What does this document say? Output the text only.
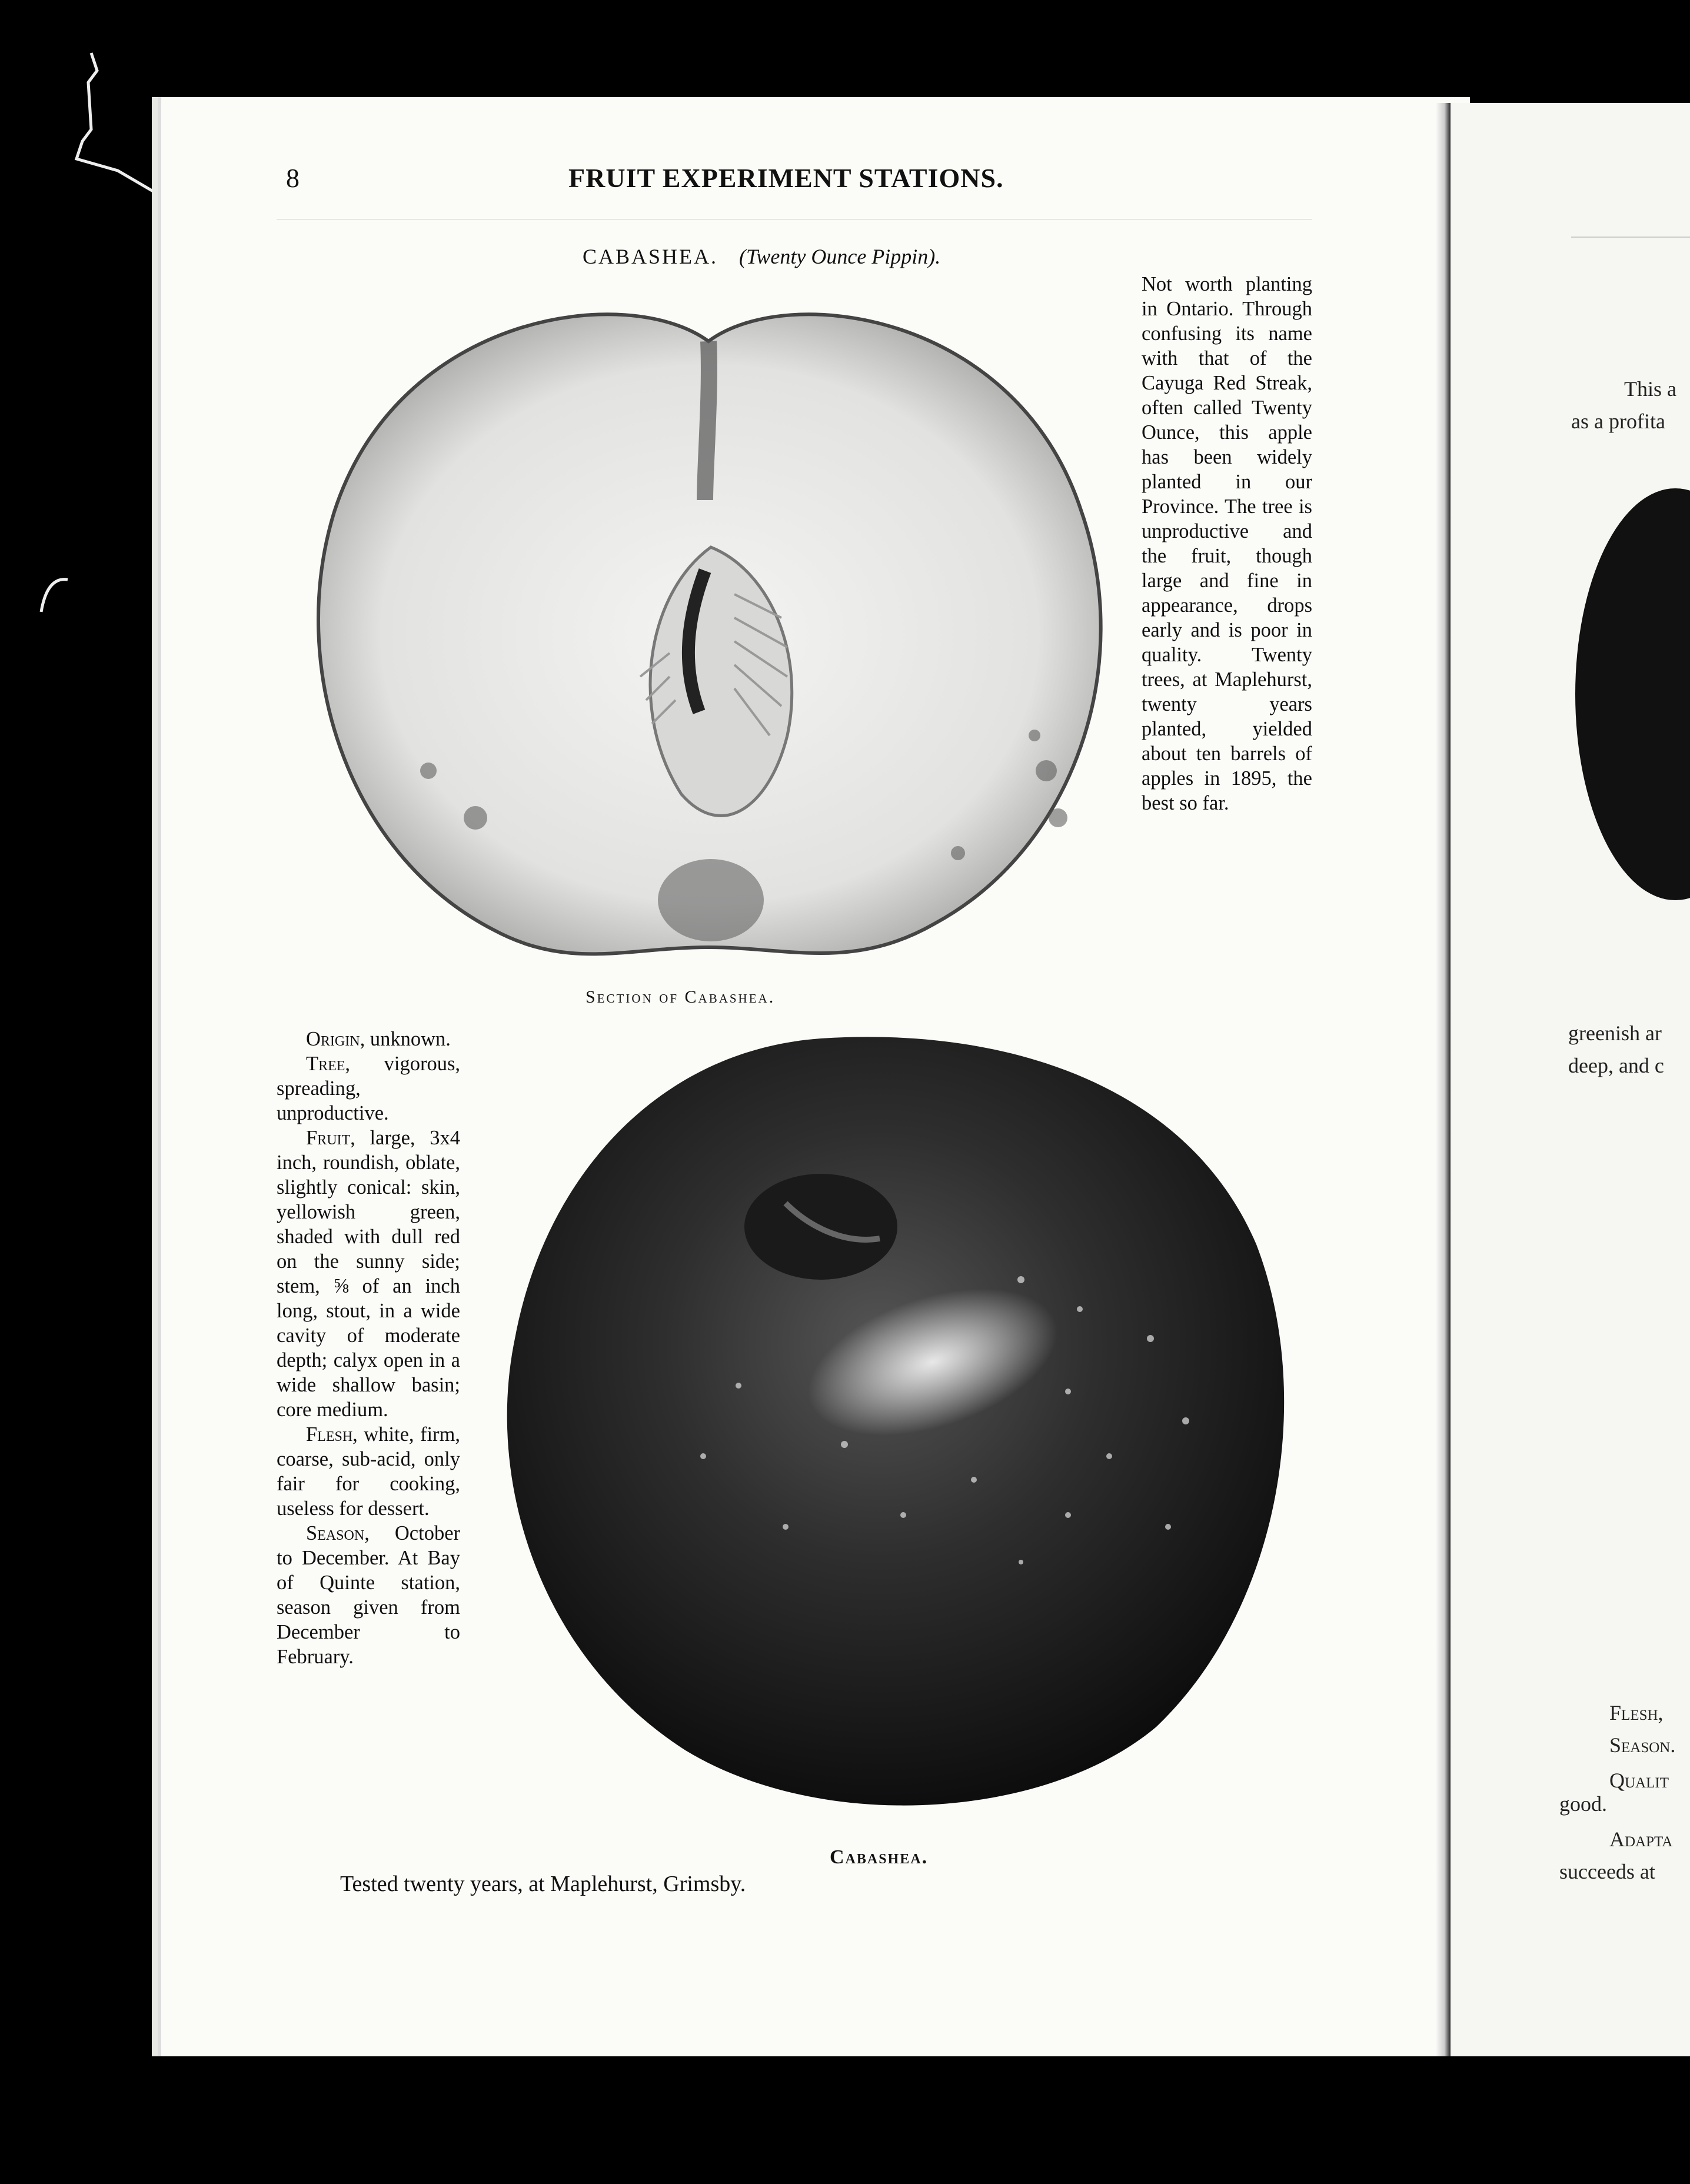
8	FRUIT EXPERIMENT STATIONS.
CABASHEA. (Twenty Ounce Pippin).
Section of Cabashea.
Not worth planting in Ontario. Through confusing its name with that of the Cayuga Red Streak, often called Twenty Ounce, this apple has been widely planted in our Province. The tree is unproductive and the fruit, though large and fine in appearance, drops early and is poor in quality. Twenty trees, at Maplehurst, twenty years planted, yielded about ten barrels of apples in 1895, the best so far.
Cabashea.

Origin, unknown.

Tree, vigorous, spreading, unproductive.

Fruit, large, 3x4 inch, roundish, oblate, slightly conical: skin, yellowish green, shaded with dull red on the sunny side; stem, ⅝ of an inch long, stout, in a wide cavity of moderate depth; calyx open in a wide shallow basin; core medium.

Flesh, white, firm, coarse, sub-acid, only fair for cooking, useless for dessert.

Season, October to December. At Bay of Quinte station, season given from December to February.

Tested twenty years, at Maplehurst, Grimsby.
This a
as a profita
greenish ar
deep, and c
Flesh,
Season.
Qualit
good.
Adapta
succeeds at
